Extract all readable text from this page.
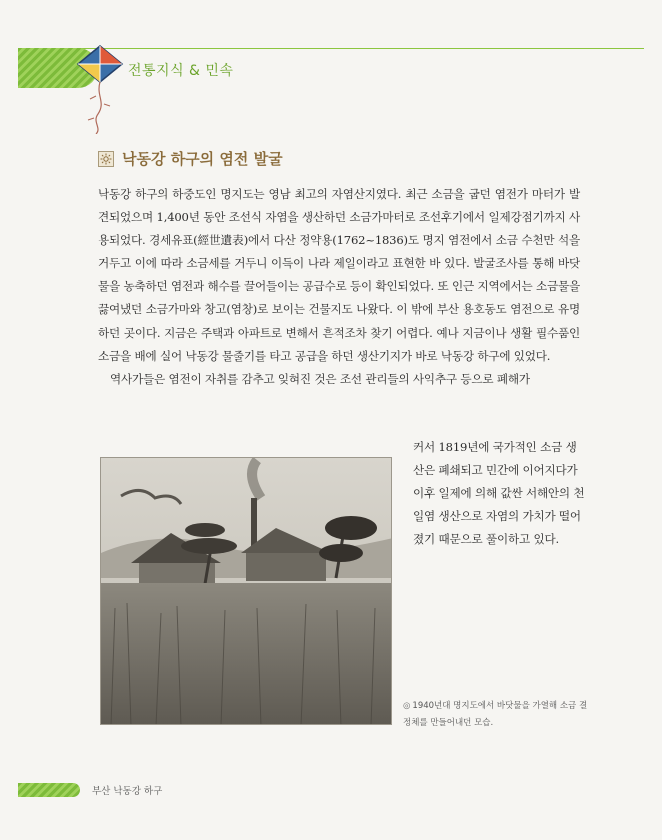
전통지식 & 민속
낙동강 하구의 염전 발굴

낙동강 하구의 하중도인 명지도는 영남 최고의 자염산지였다. 최근 소금을 굽던 염전가 마터가 발견되었으며 1,400년 동안 조선식 자염을 생산하던 소금가마터로 조선후기에서 일제강점기까지 사용되었다. 경세유표(經世遺表)에서 다산 정약용(1762~1836)도 명지 염전에서 소금 수천만 석을 거두고 이에 따라 소금세를 거두니 이득이 나라 제일이라고 표현한 바 있다. 발굴조사를 통해 바닷물을 농축하던 염전과 해수를 끌어들이는 공급수로 등이 확인되었다. 또 인근 지역에서는 소금물을 끓여냈던 소금가마와 창고(염창)로 보이는 건물지도 나왔다. 이 밖에 부산 용호동도 염전으로 유명하던 곳이다. 지금은 주택과 아파트로 변해서 흔적조차 찾기 어렵다. 예나 지금이나 생활 필수품인 소금을 배에 실어 낙동강 물줄기를 타고 공급을 하던 생산기지가 바로 낙동강 하구에 있었다.

역사가들은 염전이 자취를 감추고 잊혀진 것은 조선 관리들의 사익추구 등으로 폐해가

커서 1819년에 국가적인 소금 생산은 폐쇄되고 민간에 이어지다가 이후 일제에 의해 값싼 서해안의 천일염 생산으로 자염의 가치가 떨어졌기 때문으로 풀이하고 있다.
◎ 1940년대 명지도에서 바닷물을 가열해 소금 결정체를 만들어내던 모습.
부산 낙동강 하구
